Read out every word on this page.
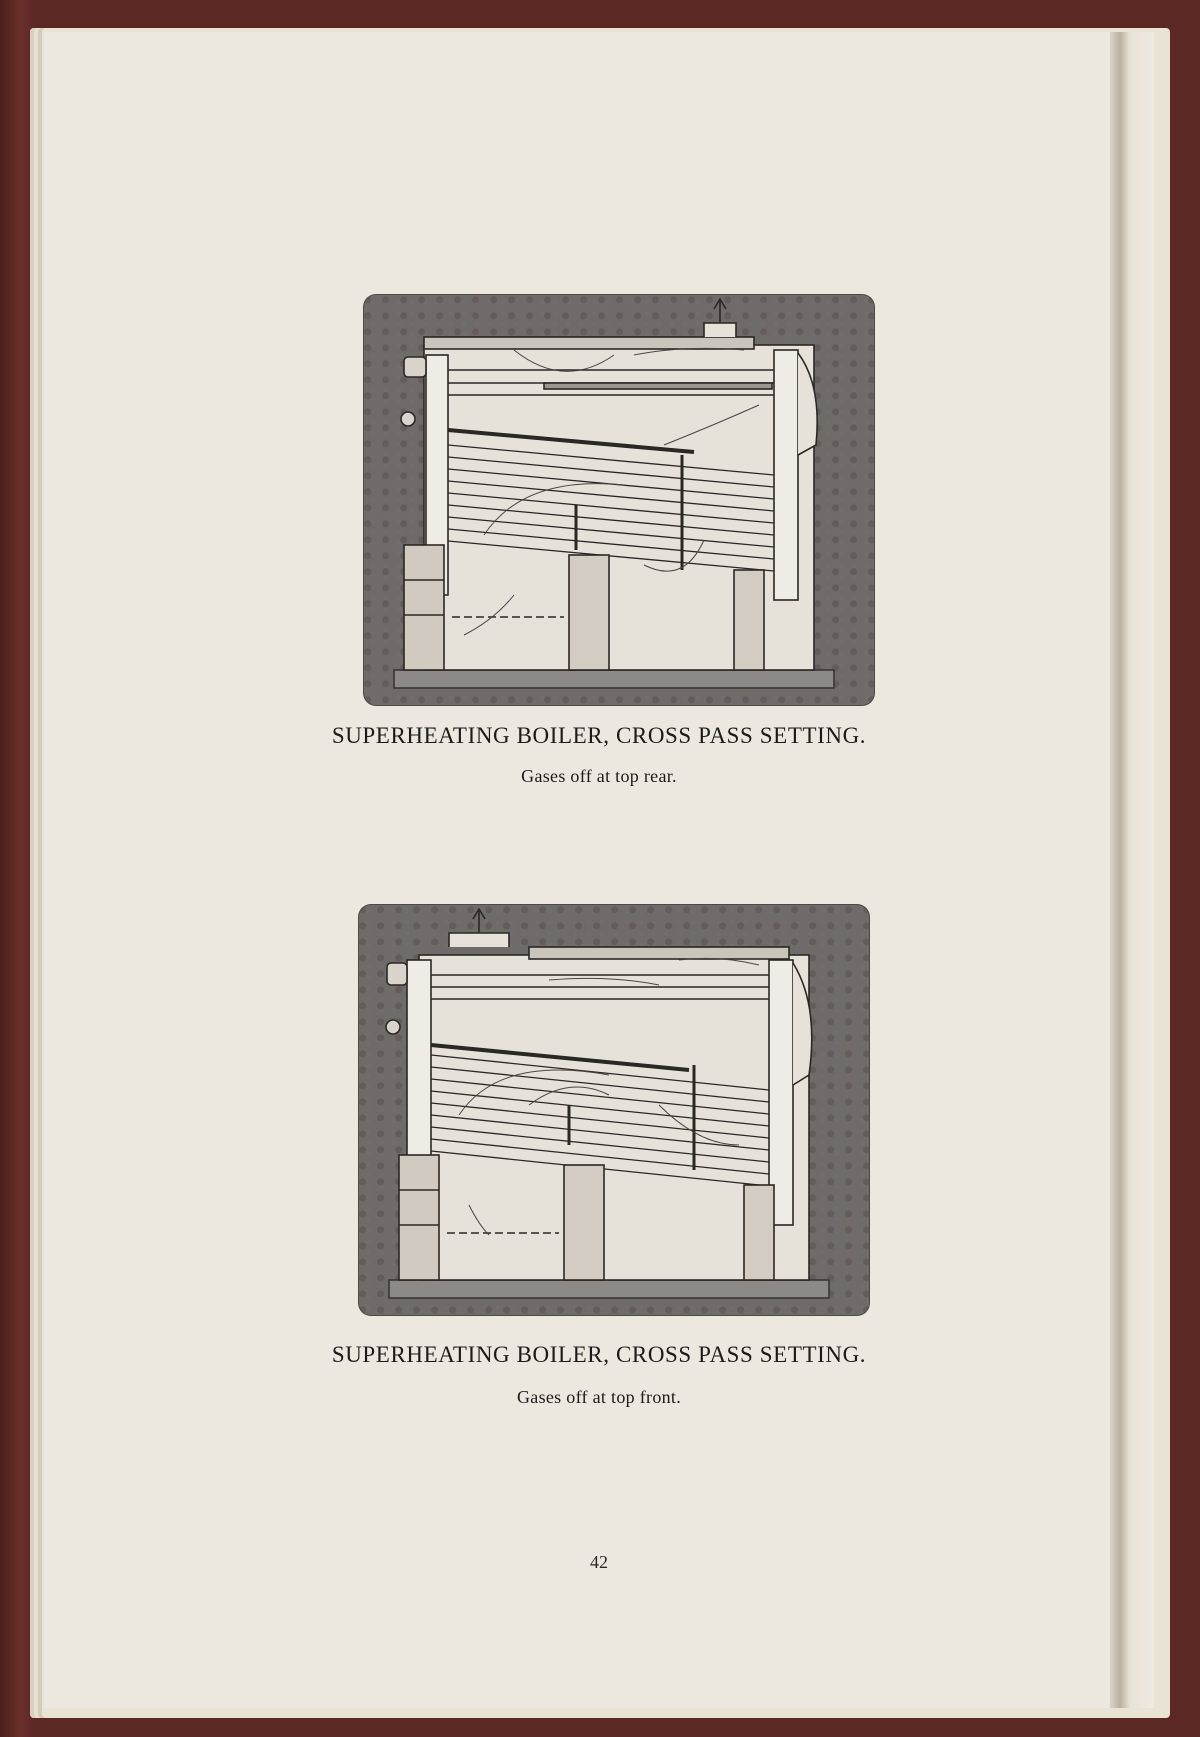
SUPERHEATING BOILER, CROSS PASS SETTING.
Gases off at top rear.
SUPERHEATING BOILER, CROSS PASS SETTING.
Gases off at top front.
42
